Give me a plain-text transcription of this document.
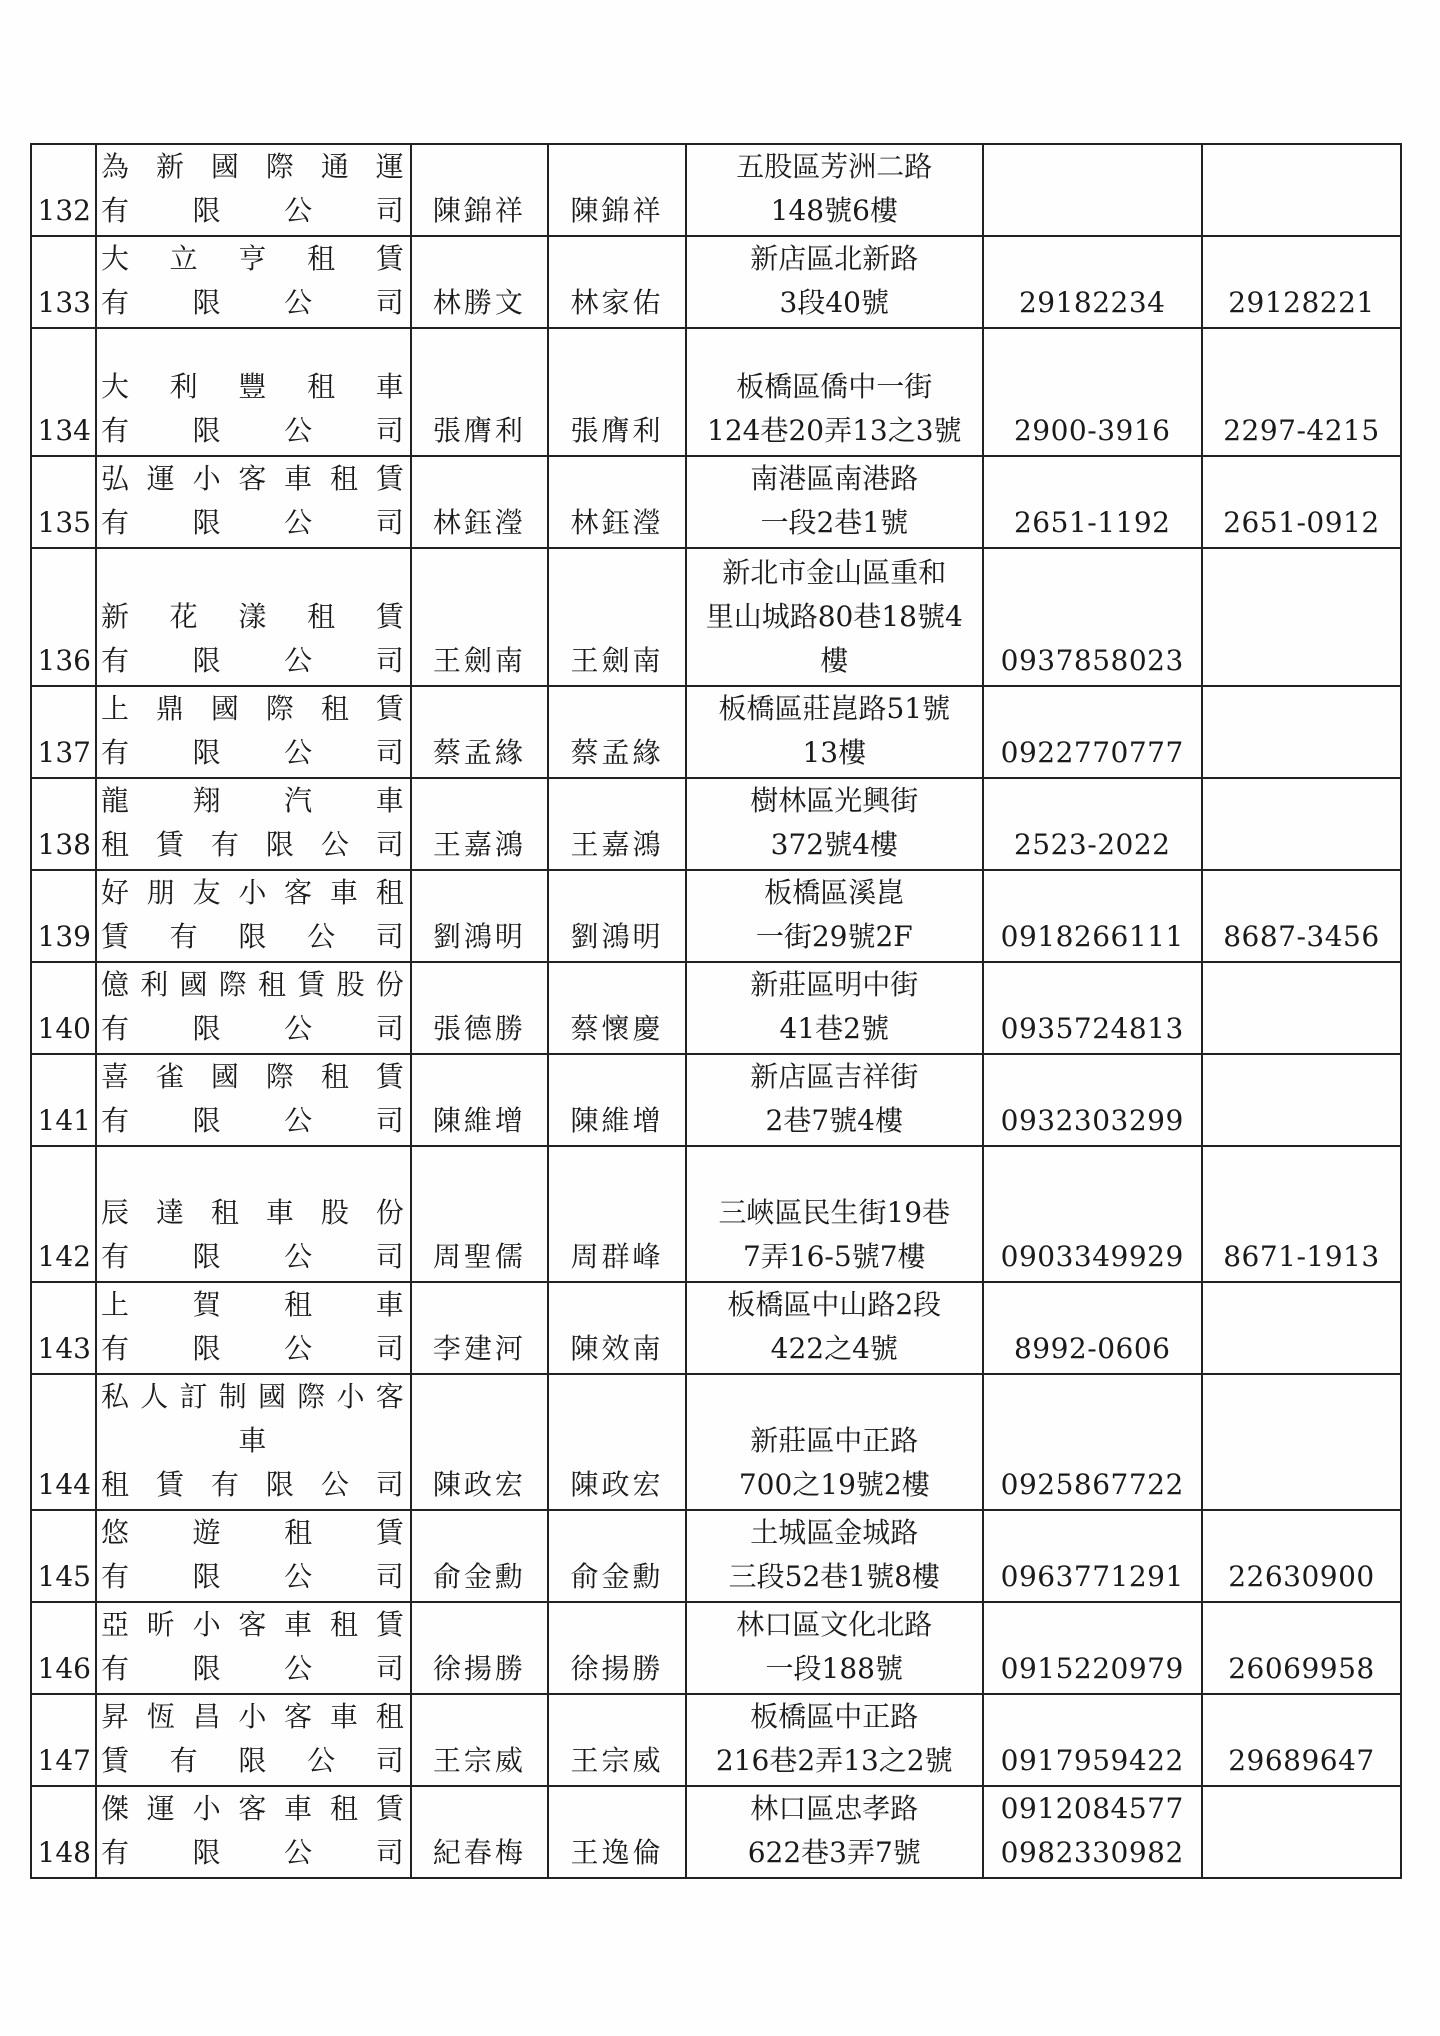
132	為新國際通運
有限公司	陳錦祥	陳錦祥	五股區芳洲二路
148號6樓		

133	大立亨租賃
有限公司	林勝文	林家佑	新店區北新路
3段40號	29182234	29128221
134	大利豐租車
有限公司	張膺利	張膺利	板橋區僑中一街
124巷20弄13之3號	2900-3916	2297-4215
135	弘運小客車租賃
有限公司	林鈺瀅	林鈺瀅	南港區南港路
一段2巷1號	2651-1192	2651-0912
136	新花漾租賃
有限公司	王劍南	王劍南	新北市金山區重和
里山城路80巷18號4
樓	0937858023	

137	上鼎國際租賃
有限公司	蔡孟緣	蔡孟緣	板橋區莊崑路51號
13樓	0922770777	

138	龍翔汽車
租賃有限公司	王嘉鴻	王嘉鴻	樹林區光興街
372號4樓	2523-2022	

139	好朋友小客車租
賃有限公司	劉鴻明	劉鴻明	板橋區溪崑
一街29號2F	0918266111	8687-3456
140	億利國際租賃股份
有限公司	張德勝	蔡懷慶	新莊區明中街
41巷2號	0935724813	

141	喜雀國際租賃
有限公司	陳維增	陳維增	新店區吉祥街
2巷7號4樓	0932303299	

142	辰達租車股份
有限公司	周聖儒	周群峰	三峽區民生街19巷
7弄16-5號7樓	0903349929	8671-1913
143	上賀租車
有限公司	李建河	陳效南	板橋區中山路2段
422之4號	8992-0606	

144	私人訂制國際小客
車
租賃有限公司	陳政宏	陳政宏	新莊區中正路
700之19號2樓	0925867722	

145	悠遊租賃
有限公司	俞金勳	俞金勳	土城區金城路
三段52巷1號8樓	0963771291	22630900
146	亞昕小客車租賃
有限公司	徐揚勝	徐揚勝	林口區文化北路
一段188號	0915220979	26069958
147	昇恆昌小客車租
賃有限公司	王宗威	王宗威	板橋區中正路
216巷2弄13之2號	0917959422	29689647
148	傑運小客車租賃
有限公司	紀春梅	王逸倫	林口區忠孝路
622巷3弄7號	0912084577
0982330982	
